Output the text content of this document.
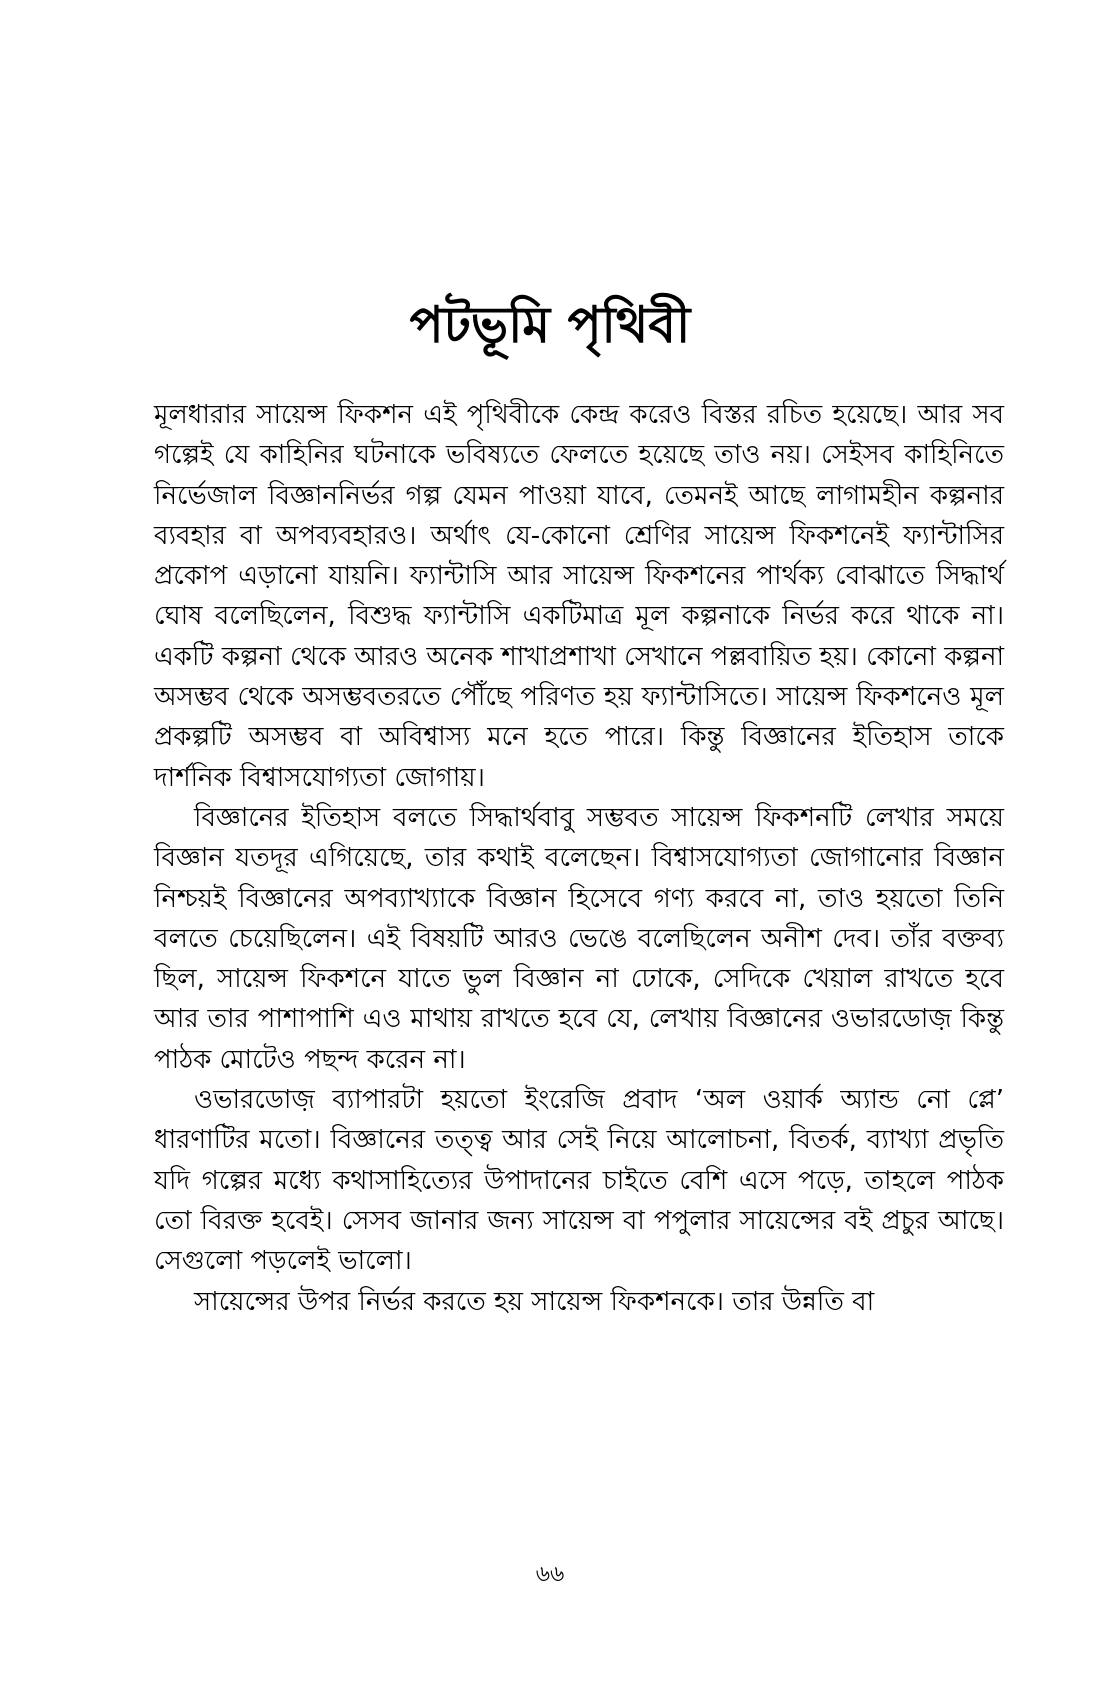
পটভূমি পৃথিবী

মূলধারার সায়েন্স ফিকশন এই পৃথিবীকে কেন্দ্র করেও বিস্তর রচিত হয়েছে। আর সব গল্পেই যে কাহিনির ঘটনাকে ভবিষ্যতে ফেলতে হয়েছে তাও নয়। সেইসব কাহিনিতে নির্ভেজাল বিজ্ঞাননির্ভর গল্প যেমন পাওয়া যাবে, তেমনই আছে লাগামহীন কল্পনার ব্যবহার বা অপব্যবহারও। অর্থাৎ যে-কোনো শ্রেণির সায়েন্স ফিকশনেই ফ্যান্টাসির প্রকোপ এড়ানো যায়নি। ফ্যান্টাসি আর সায়েন্স ফিকশনের পার্থক্য বোঝাতে সিদ্ধার্থ ঘোষ বলেছিলেন, বিশুদ্ধ ফ্যান্টাসি একটিমাত্র মূল কল্পনাকে নির্ভর করে থাকে না। একটি কল্পনা থেকে আরও অনেক শাখাপ্রশাখা সেখানে পল্লবায়িত হয়। কোনো কল্পনা অসম্ভব থেকে অসম্ভবতরতে পৌঁছে পরিণত হয় ফ্যান্টাসিতে। সায়েন্স ফিকশনেও মূল প্রকল্পটি অসম্ভব বা অবিশ্বাস্য মনে হতে পারে। কিন্তু বিজ্ঞানের ইতিহাস তাকে দার্শনিক বিশ্বাসযোগ্যতা জোগায়।

বিজ্ঞানের ইতিহাস বলতে সিদ্ধার্থবাবু সম্ভবত সায়েন্স ফিকশনটি লেখার সময়ে বিজ্ঞান যতদূর এগিয়েছে, তার কথাই বলেছেন। বিশ্বাসযোগ্যতা জোগানোর বিজ্ঞান নিশ্চয়ই বিজ্ঞানের অপব্যাখ্যাকে বিজ্ঞান হিসেবে গণ্য করবে না, তাও হয়তো তিনি বলতে চেয়েছিলেন। এই বিষয়টি আরও ভেঙে বলেছিলেন অনীশ দেব। তাঁর বক্তব্য ছিল, সায়েন্স ফিকশনে যাতে ভুল বিজ্ঞান না ঢোকে, সেদিকে খেয়াল রাখতে হবে আর তার পাশাপাশি এও মাথায় রাখতে হবে যে, লেখায় বিজ্ঞানের ওভারডোজ় কিন্তু পাঠক মোটেও পছন্দ করেন না।

ওভারডোজ় ব্যাপারটা হয়তো ইংরেজি প্রবাদ ‘অল ওয়ার্ক অ্যান্ড নো প্লে’ ধারণাটির মতো। বিজ্ঞানের তত্ত্ব আর সেই নিয়ে আলোচনা, বিতর্ক, ব্যাখ্যা প্রভৃতি যদি গল্পের মধ্যে কথাসাহিত্যের উপাদানের চাইতে বেশি এসে পড়ে, তাহলে পাঠক তো বিরক্ত হবেই। সেসব জানার জন্য সায়েন্স বা পপুলার সায়েন্সের বই প্রচুর আছে। সেগুলো পড়লেই ভালো।

সায়েন্সের উপর নির্ভর করতে হয় সায়েন্স ফিকশনকে। তার উন্নতি বা

৬৬
